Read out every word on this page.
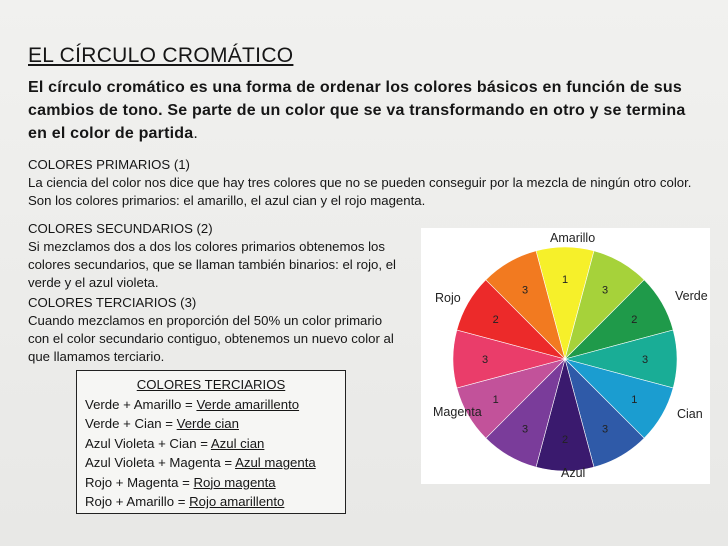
EL CÍRCULO CROMÁTICO
El círculo cromático es una forma de ordenar los colores básicos en función de sus cambios de tono. Se parte de un color que se va transformando en otro y se termina en el color de partida.
COLORES PRIMARIOS (1)
La ciencia del color nos dice que hay tres colores que no se pueden conseguir por la mezcla de ningún otro color. Son los colores primarios: el amarillo, el azul cian y el rojo magenta.
COLORES SECUNDARIOS (2)
Si mezclamos dos a dos los colores primarios obtenemos los colores secundarios, que se llaman también binarios: el rojo, el verde y el azul violeta.
COLORES TERCIARIOS (3)
Cuando mezclamos en proporción del 50% un color primario con el color secundario contiguo, obtenemos un nuevo color al que llamamos terciario.
COLORES TERCIARIOS
Verde + Amarillo = Verde amarillento
Verde + Cian = Verde cian
Azul Violeta + Cian = Azul cian
Azul Violeta + Magenta = Azul magenta
Rojo + Magenta = Rojo magenta
Rojo + Amarillo = Rojo amarillento
1
3
2
3
1
3
2
3
1
3
2
3
Amarillo
Verde
Cian
Azul
Magenta
Rojo
